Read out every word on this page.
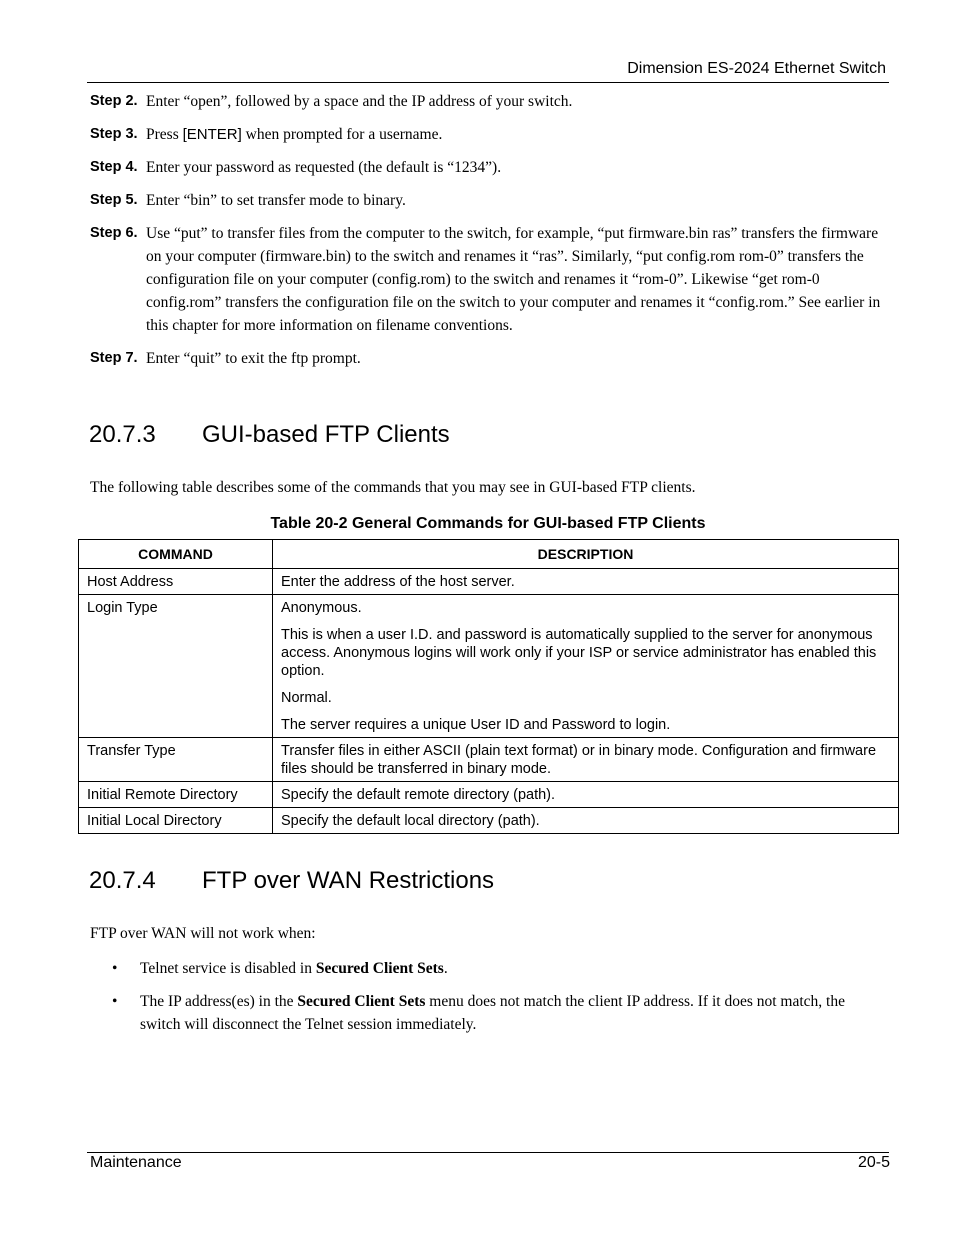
Dimension ES-2024 Ethernet Switch
Step 2. Enter “open”, followed by a space and the IP address of your switch.
Step 3. Press [ENTER] when prompted for a username.
Step 4. Enter your password as requested (the default is “1234”).
Step 5. Enter “bin” to set transfer mode to binary.
Step 6. Use “put” to transfer files from the computer to the switch, for example, “put firmware.bin ras” transfers the firmware on your computer (firmware.bin) to the switch and renames it “ras”. Similarly, “put config.rom rom-0” transfers the configuration file on your computer (config.rom) to the switch and renames it “rom-0”. Likewise “get rom-0 config.rom” transfers the configuration file on the switch to your computer and renames it “config.rom.” See earlier in this chapter for more information on filename conventions.
Step 7. Enter “quit” to exit the ftp prompt.
20.7.3	GUI-based FTP Clients
The following table describes some of the commands that you may see in GUI-based FTP clients.
Table 20-2 General Commands for GUI-based FTP Clients
COMMAND	DESCRIPTION
Host Address	Enter the address of the host server.

Login Type	Anonymous.
This is when a user I.D. and password is automatically supplied to the server for anonymous access. Anonymous logins will work only if your ISP or service administrator has enabled this option.
Normal.
The server requires a unique User ID and Password to login.

Transfer Type	Transfer files in either ASCII (plain text format) or in binary mode. Configuration and firmware files should be transferred in binary mode.

Initial Remote Directory	Specify the default remote directory (path).

Initial Local Directory	Specify the default local directory (path).
20.7.4	FTP over WAN Restrictions
FTP over WAN will not work when:
•	Telnet service is disabled in Secured Client Sets.
•	The IP address(es) in the Secured Client Sets menu does not match the client IP address. If it does not match, the switch will disconnect the Telnet session immediately.
Maintenance	20-5
